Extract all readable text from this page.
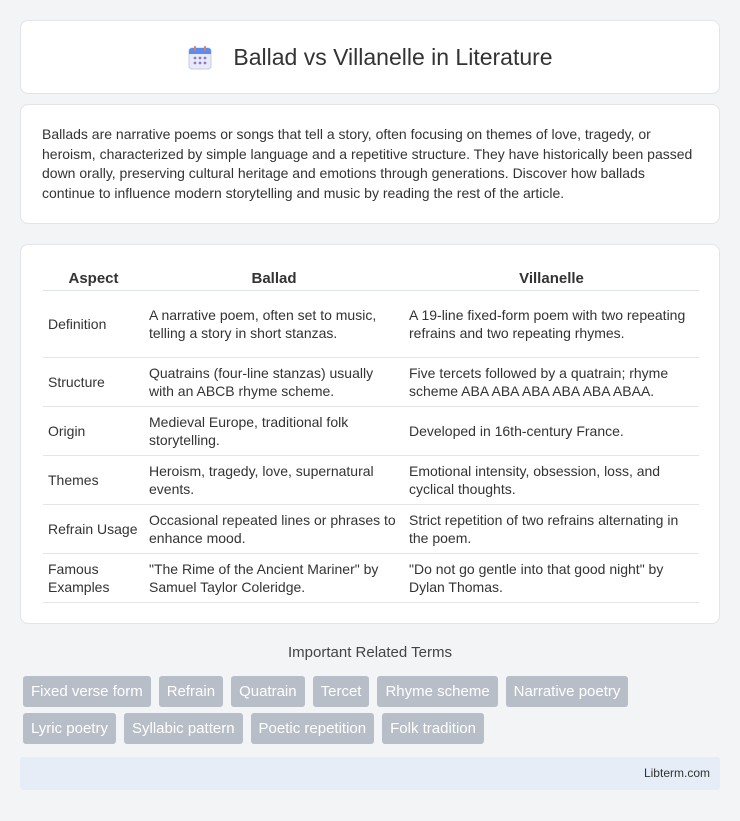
Ballad vs Villanelle in Literature

Ballads are narrative poems or songs that tell a story, often focusing on themes of love, tragedy, or heroism, characterized by simple language and a repetitive structure. They have historically been passed down orally, preserving cultural heritage and emotions through generations. Discover how ballads continue to influence modern storytelling and music by reading the rest of the article.

Aspect	Ballad	Villanelle
Definition	A narrative poem, often set to music, telling a story in short stanzas.	A 19-line fixed-form poem with two repeating refrains and two repeating rhymes.
Structure	Quatrains (four-line stanzas) usually with an ABCB rhyme scheme.	Five tercets followed by a quatrain; rhyme scheme ABA ABA ABA ABA ABA ABAA.
Origin	Medieval Europe, traditional folk storytelling.	Developed in 16th-century France.
Themes	Heroism, tragedy, love, supernatural events.	Emotional intensity, obsession, loss, and cyclical thoughts.
Refrain Usage	Occasional repeated lines or phrases to enhance mood.	Strict repetition of two refrains alternating in the poem.
Famous Examples	"The Rime of the Ancient Mariner" by Samuel Taylor Coleridge.	"Do not go gentle into that good night" by Dylan Thomas.
Important Related Terms
Fixed verse form	Refrain	Quatrain	Tercet	Rhyme scheme	Narrative poetry
Lyric poetry	Syllabic pattern	Poetic repetition	Folk tradition
Libterm.com
